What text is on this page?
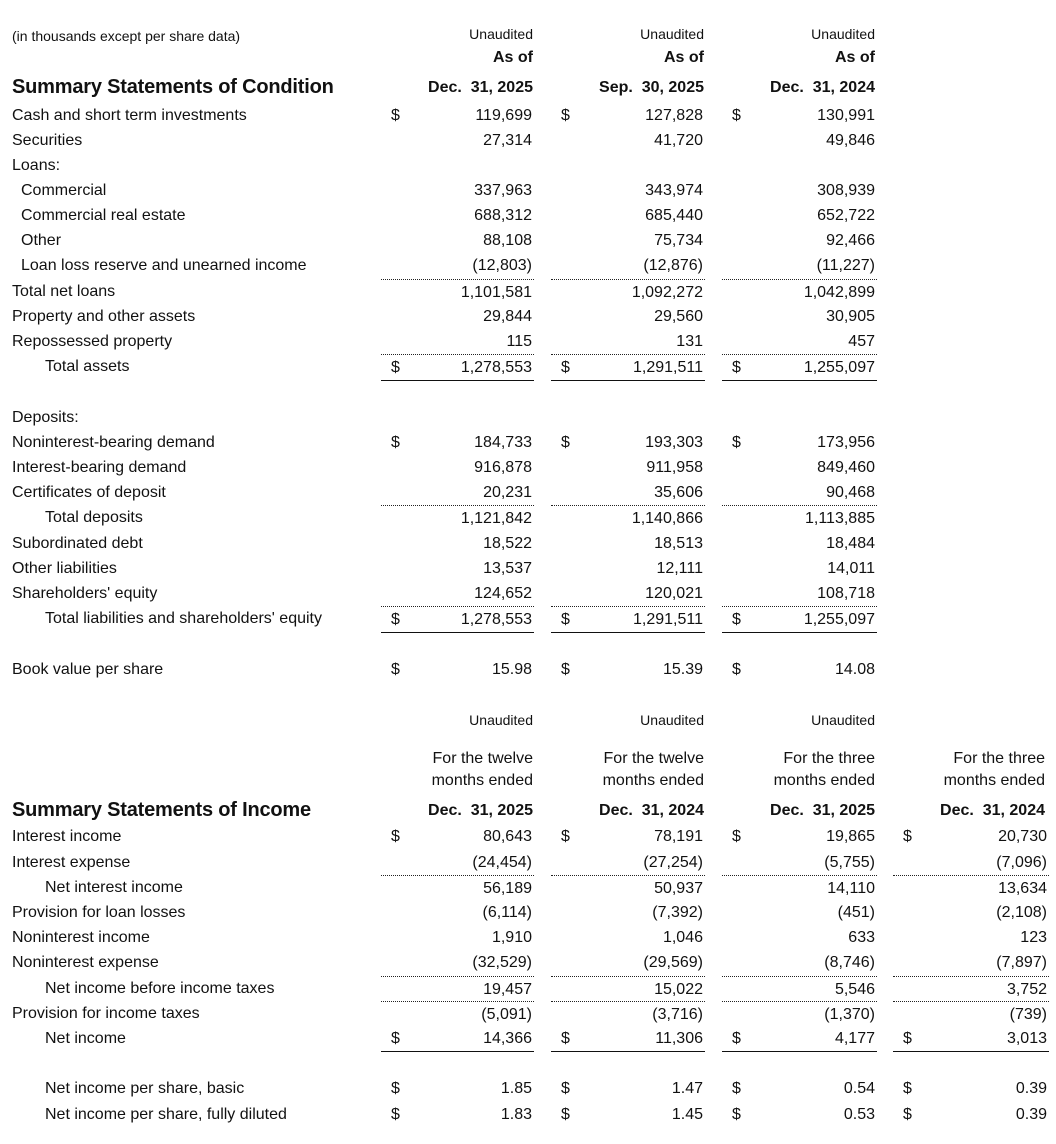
(in thousands except per share data)	Unaudited	Unaudited	Unaudited
As of	As of	As of
Summary Statements of Condition	Dec.  31, 2025	Sep.  30, 2025	Dec.  31, 2024
Cash and short term investments	$	119,699 $	127,828 $	130,991
Securities	27,314	41,720	49,846
Loans:
Commercial	337,963	343,974	308,939
Commercial real estate	688,312	685,440	652,722
Other	88,108	75,734	92,466
Loan loss reserve and unearned income	(12,803)	(12,876)	(11,227)
Total net loans	1,101,581	1,092,272	1,042,899
Property and other assets	29,844	29,560	30,905
Repossessed property	115	131	457
Total assets	$	1,278,553 $	1,291,511 $	1,255,097
Deposits:
Noninterest-bearing demand	$	184,733 $	193,303 $	173,956
Interest-bearing demand	916,878	911,958	849,460
Certificates of deposit	20,231	35,606	90,468
Total deposits	1,121,842	1,140,866	1,113,885
Subordinated debt	18,522	18,513	18,484
Other liabilities	13,537	12,111	14,011
Shareholders' equity	124,652	120,021	108,718
Total liabilities and shareholders' equity	$	1,278,553 $	1,291,511 $	1,255,097
Book value per share	$	15.98 $	15.39 $	14.08
Unaudited	Unaudited	Unaudited
For the twelve	For the twelve	For the three	For the three
months ended	months ended	months ended	months ended
Summary Statements of Income	Dec.  31, 2025	Dec.  31, 2024	Dec.  31, 2025	Dec.  31, 2024
Interest income	$	80,643 $	78,191 $	19,865 $	20,730
Interest expense	(24,454)	(27,254)	(5,755)	(7,096)
Net interest income	56,189	50,937	14,110	13,634
Provision for loan losses	(6,114)	(7,392)	(451)	(2,108)
Noninterest income	1,910	1,046	633	123
Noninterest expense	(32,529)	(29,569)	(8,746)	(7,897)
Net income before income taxes	19,457	15,022	5,546	3,752
Provision for income taxes	(5,091)	(3,716)	(1,370)	(739)
Net income	$	14,366 $	11,306 $	4,177 $	3,013
Net income per share, basic	$	1.85 $	1.47 $	0.54 $	0.39
Net income per share, fully diluted	$	1.83 $	1.45 $	0.53 $	0.39
